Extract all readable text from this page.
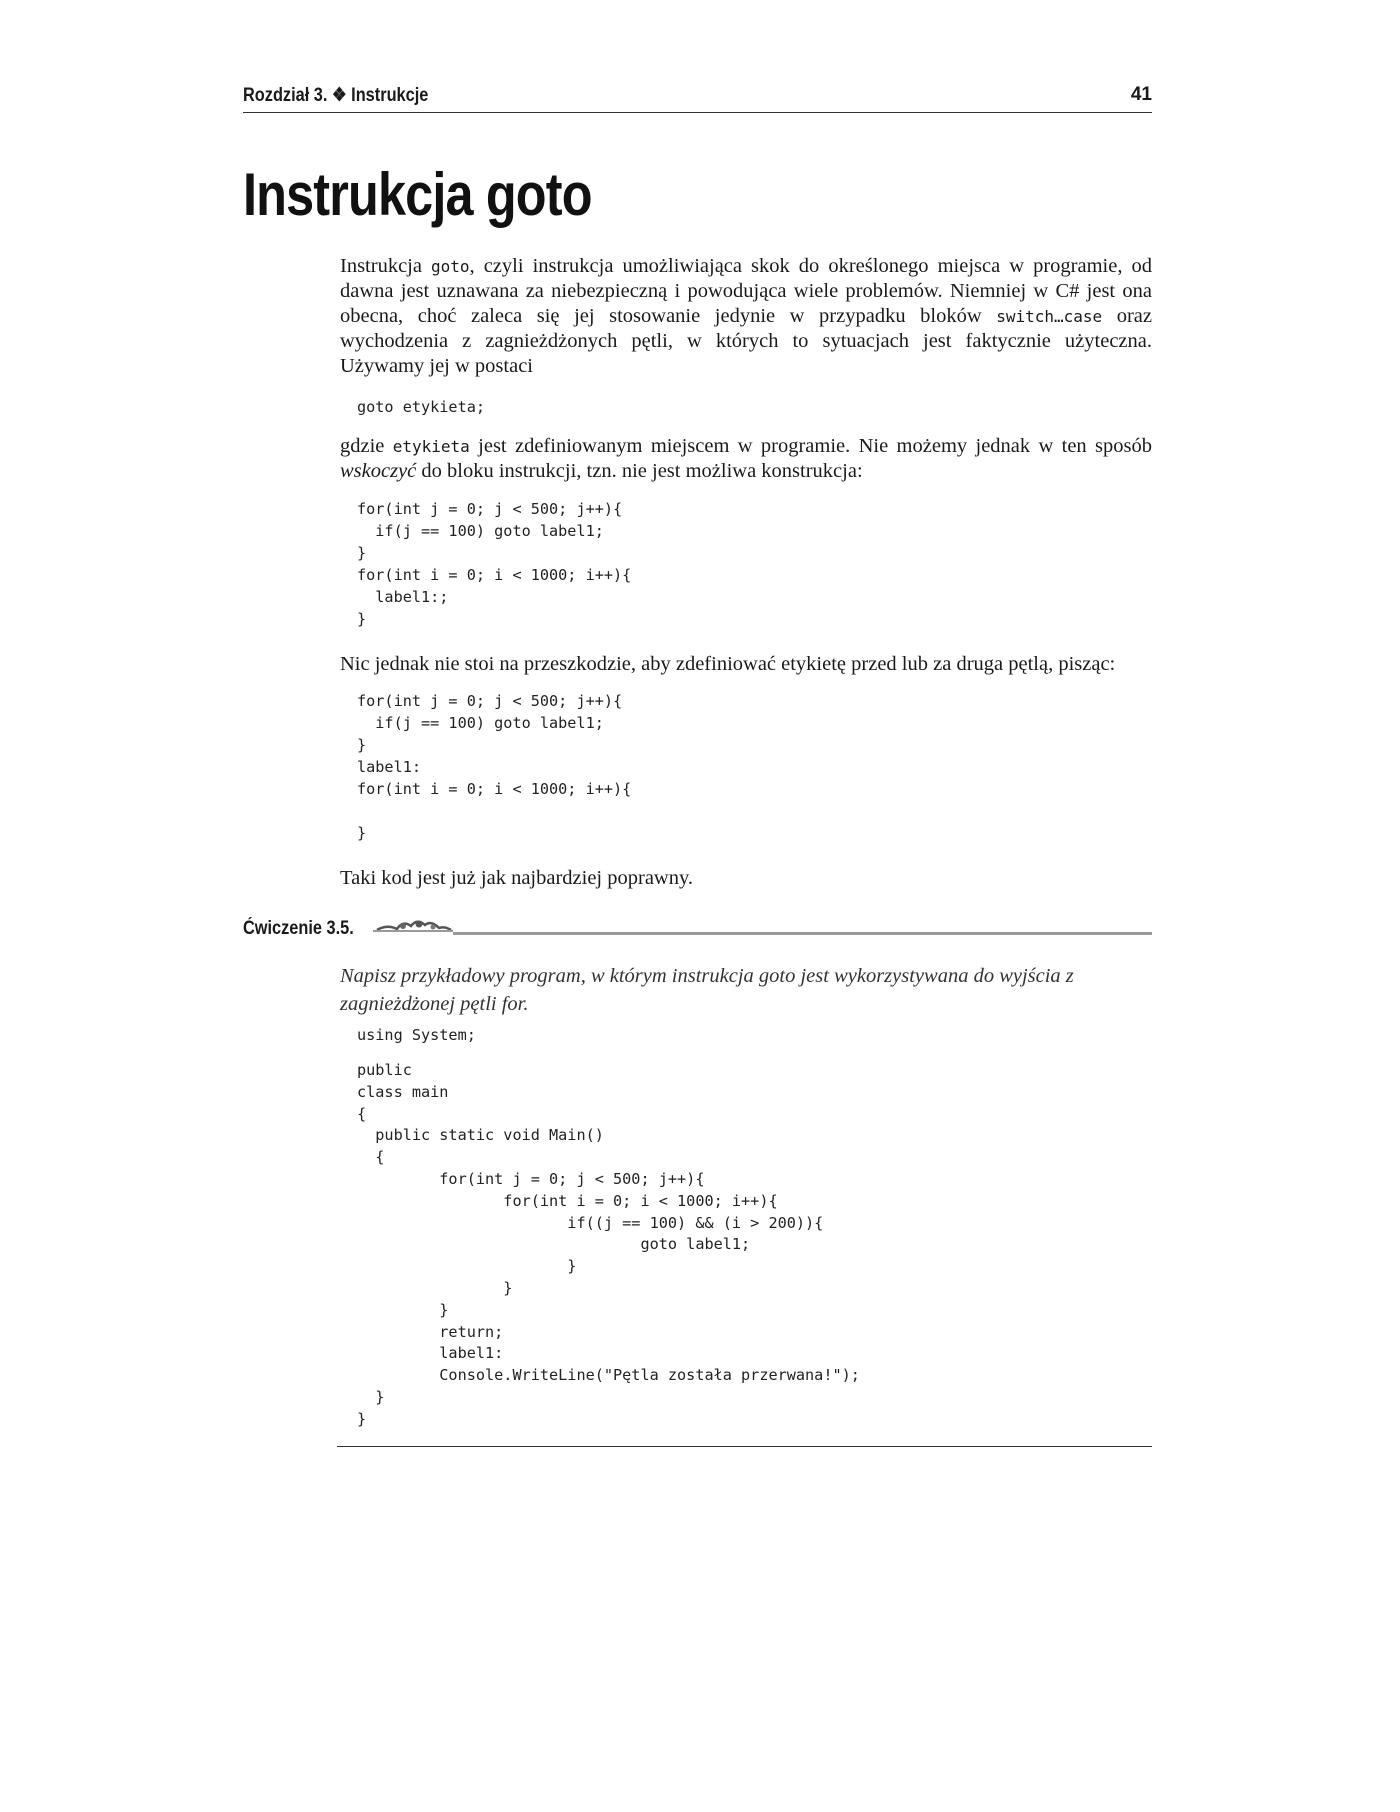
Rozdział 3. ❖ Instrukcje	41
Instrukcja goto

Instrukcja goto, czyli instrukcja umożliwiająca skok do określonego miejsca w programie, od dawna jest uznawana za niebezpieczną i powodująca wiele problemów. Niemniej w C# jest ona obecna, choć zaleca się jej stosowanie jedynie w przypadku bloków switch…case oraz wychodzenia z zagnieżdżonych pętli, w których to sytuacjach jest faktycznie użyteczna. Używamy jej w postaci

goto etykieta;

gdzie etykieta jest zdefiniowanym miejscem w programie. Nie możemy jednak w ten sposób wskoczyć do bloku instrukcji, tzn. nie jest możliwa konstrukcja:

for(int j = 0; j < 500; j++){
if(j == 100) goto label1;
}
for(int i = 0; i < 1000; i++){
label1:;
}

Nic jednak nie stoi na przeszkodzie, aby zdefiniować etykietę przed lub za druga pętlą, pisząc:

for(int j = 0; j < 500; j++){
if(j == 100) goto label1;
}
label1:
for(int i = 0; i < 1000; i++){

}

Taki kod jest już jak najbardziej poprawny.

Ćwiczenie 3.5.

Napisz przykładowy program, w którym instrukcja goto jest wykorzystywana do wyjścia z zagnieżdżonej pętli for.

using System;
public
class main
{
public static void Main()
{
for(int j = 0; j < 500; j++){
for(int i = 0; i < 1000; i++){
if((j == 100) && (i > 200)){
goto label1;
}
}
}
return;
label1:
Console.WriteLine("Pętla została przerwana!");
}
}
